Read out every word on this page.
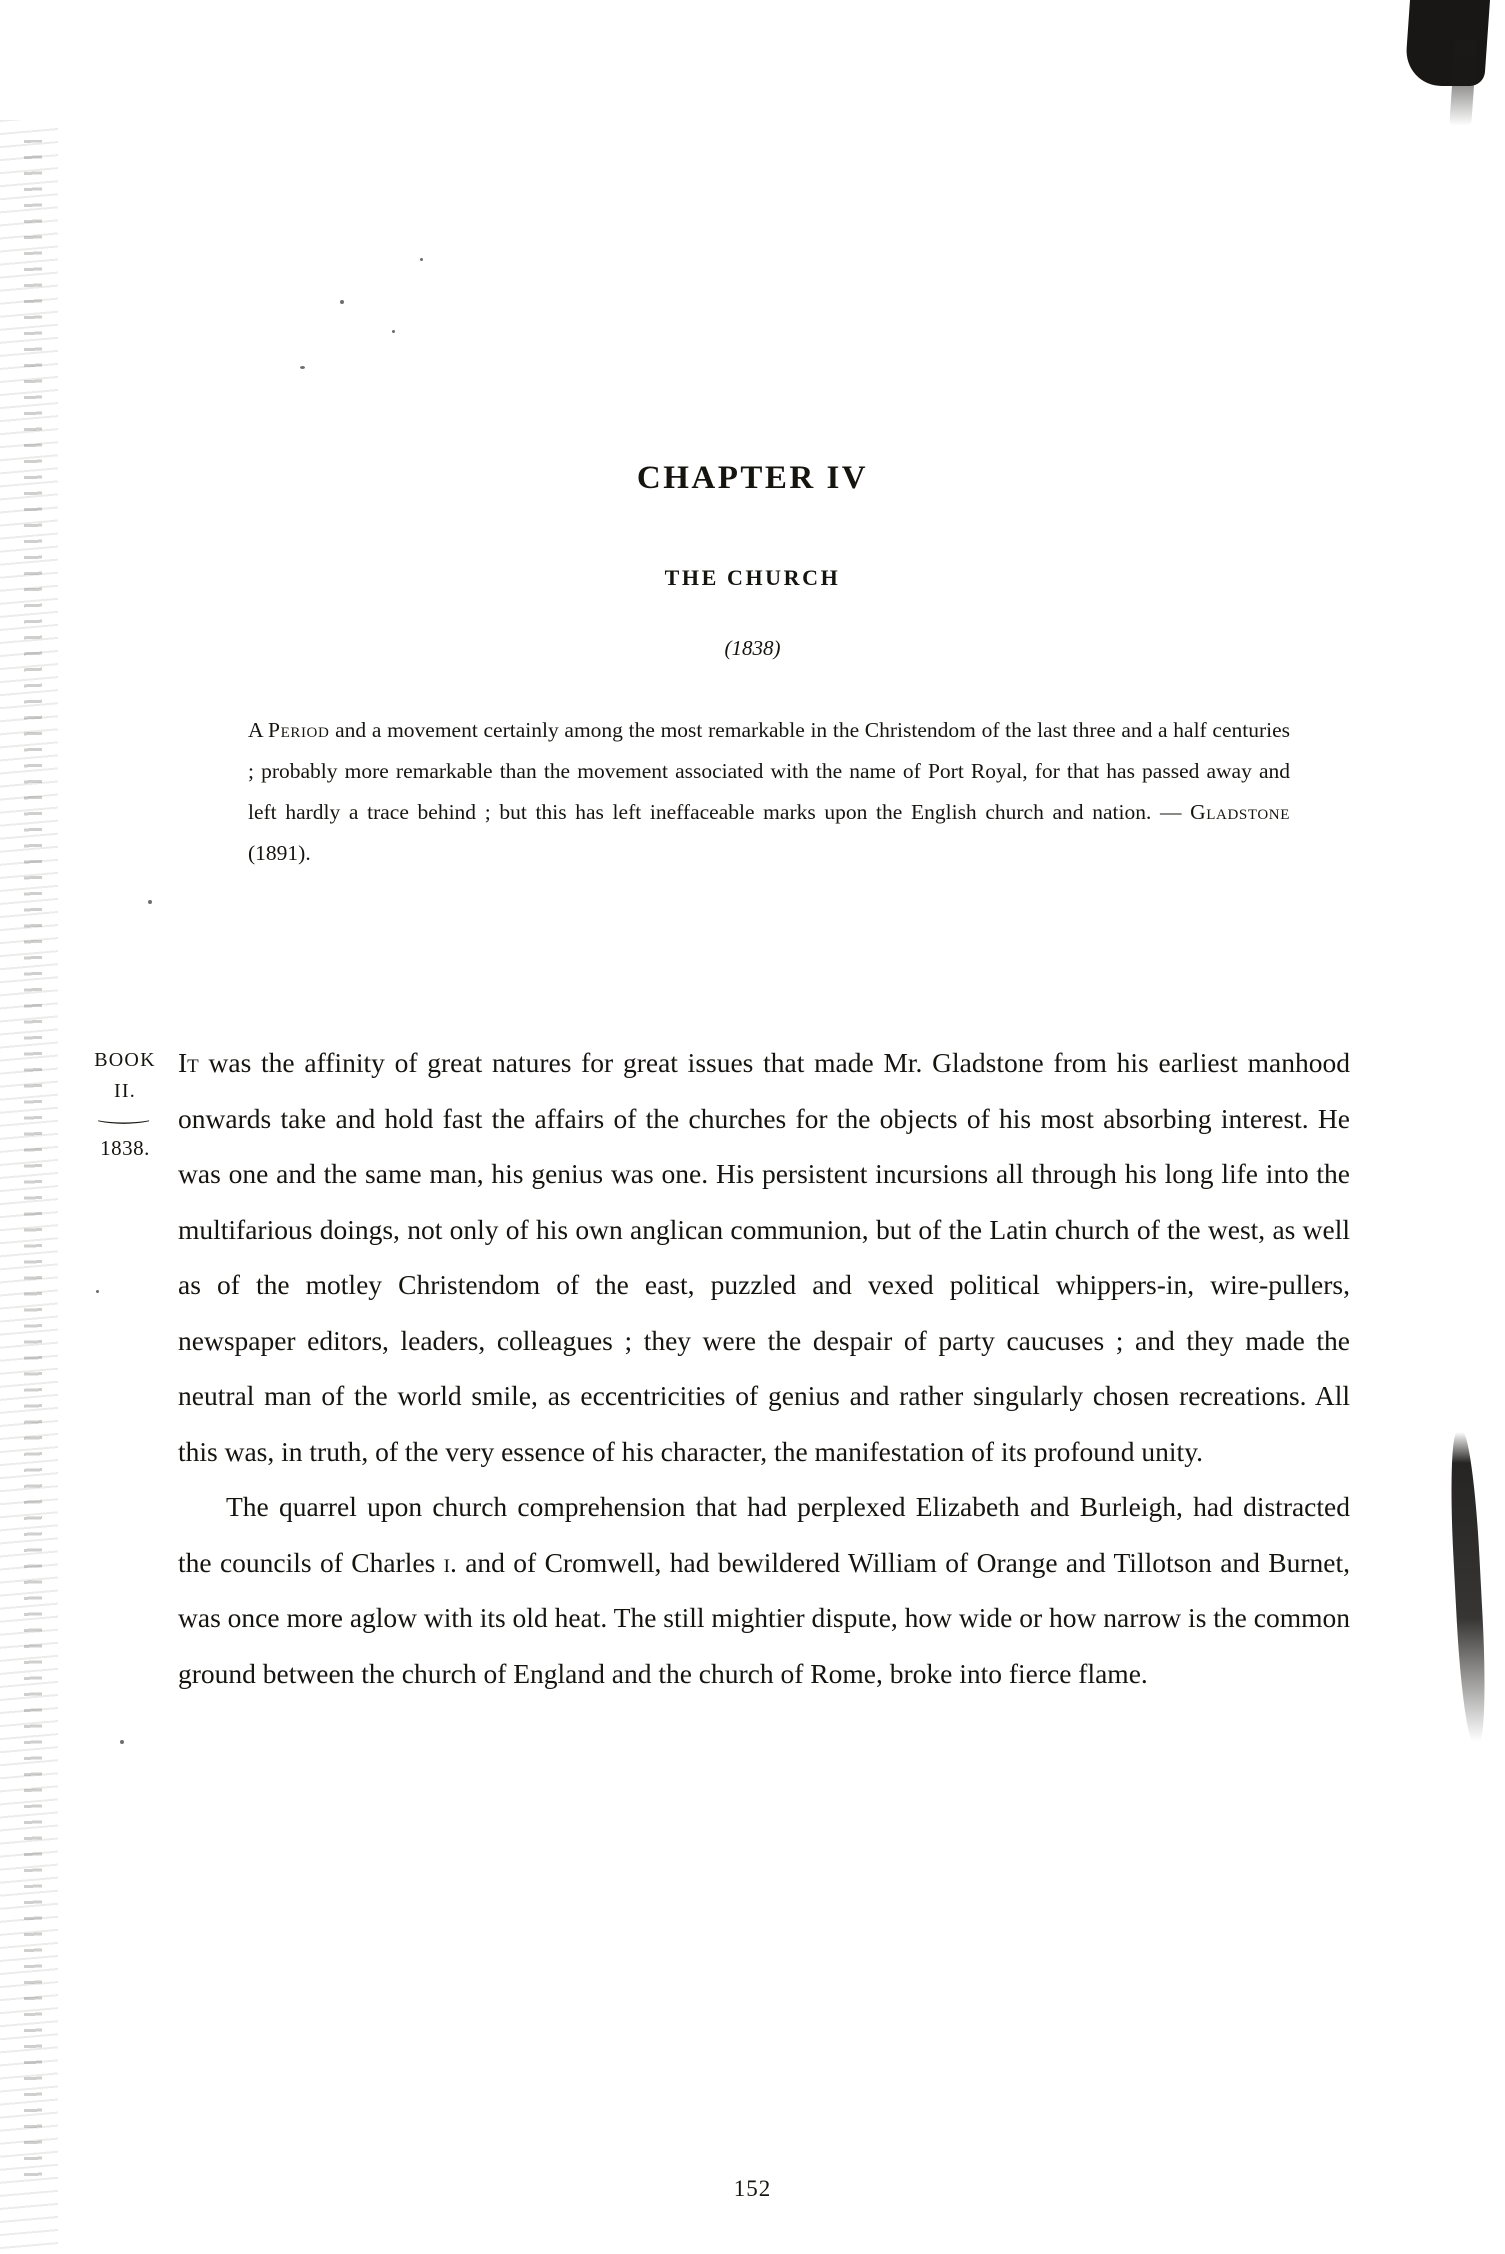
CHAPTER IV
THE CHURCH
(1838)
A Period and a movement certainly among the most remarkable in the Christendom of the last three and a half centuries ; probably more remarkable than the movement associated with the name of Port Royal, for that has passed away and left hardly a trace behind ; but this has left ineffaceable marks upon the English church and nation. — Gladstone (1891).
BOOK
II.
⏝
1838.

It was the affinity of great natures for great issues that made Mr. Gladstone from his earliest manhood onwards take and hold fast the affairs of the churches for the objects of his most absorbing interest. He was one and the same man, his genius was one. His persistent incursions all through his long life into the multifarious doings, not only of his own anglican communion, but of the Latin church of the west, as well as of the motley Christendom of the east, puzzled and vexed political whippers-in, wire-pullers, newspaper editors, leaders, colleagues ; they were the despair of party caucuses ; and they made the neutral man of the world smile, as eccentricities of genius and rather singularly chosen recreations. All this was, in truth, of the very essence of his character, the manifestation of its profound unity.

The quarrel upon church comprehension that had perplexed Elizabeth and Burleigh, had distracted the councils of Charles i. and of Cromwell, had bewildered William of Orange and Tillotson and Burnet, was once more aglow with its old heat. The still mightier dispute, how wide or how narrow is the common ground between the church of England and the church of Rome, broke into fierce flame.

152
